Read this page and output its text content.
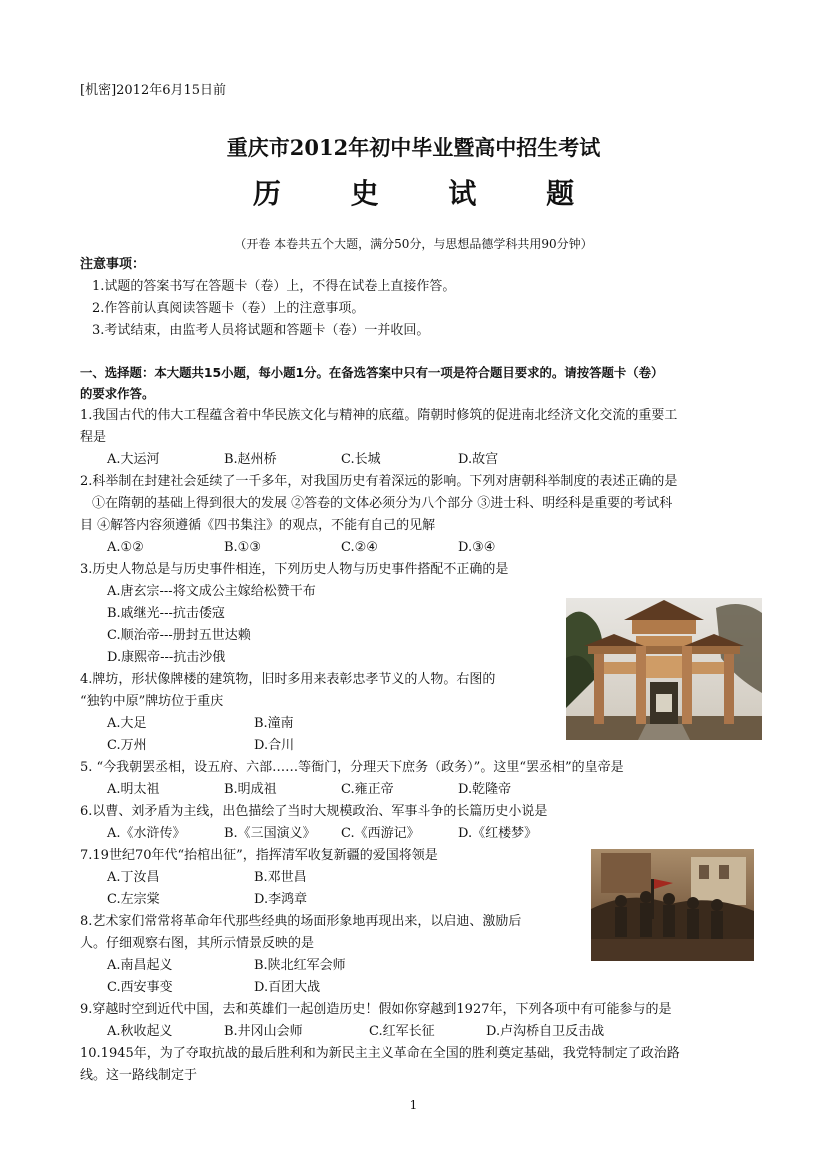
[机密]2012年6月15日前
重庆市2012年初中毕业暨高中招生考试
历 史 试 题
（开卷 本卷共五个大题，满分50分，与思想品德学科共用90分钟）
注意事项：
1.试题的答案书写在答题卡（卷）上，不得在试卷上直接作答。
2.作答前认真阅读答题卡（卷）上的注意事项。
3.考试结束，由监考人员将试题和答题卡（卷）一并收回。
一、选择题：本大题共15小题，每小题1分。在备选答案中只有一项是符合题目要求的。请按答题卡（卷）
的要求作答。
1.我国古代的伟大工程蕴含着中华民族文化与精神的底蕴。隋朝时修筑的促进南北经济文化交流的重要工
程是
A.大运河	B.赵州桥	C.长城	D.故宫
2.科举制在封建社会延续了一千多年，对我国历史有着深远的影响。下列对唐朝科举制度的表述正确的是
①在隋朝的基础上得到很大的发展 ②答卷的文体必须分为八个部分 ③进士科、明经科是重要的考试科
目 ④解答内容须遵循《四书集注》的观点，不能有自己的见解
A.①②	B.①③	C.②④	D.③④
3.历史人物总是与历史事件相连，下列历史人物与历史事件搭配不正确的是
A.唐玄宗---将文成公主嫁给松赞干布
B.戚继光---抗击倭寇
C.顺治帝---册封五世达赖
D.康熙帝---抗击沙俄
4.牌坊，形状像牌楼的建筑物，旧时多用来表彰忠孝节义的人物。右图的
“独钓中原”牌坊位于重庆
A.大足	B.潼南
C.万州	D.合川
5. “今我朝罢丞相，设五府、六部……等衙门，分理天下庶务（政务）”。这里“罢丞相”的皇帝是
A.明太祖	B.明成祖	C.雍正帝	D.乾隆帝
6.以曹、刘矛盾为主线，出色描绘了当时大规模政治、军事斗争的长篇历史小说是
A.《水浒传》	B.《三国演义》 C.《西游记》	D.《红楼梦》
7.19世纪70年代“抬棺出征”，指挥清军收复新疆的爱国将领是
A.丁汝昌	B.邓世昌
C.左宗棠	D.李鸿章
8.艺术家们常常将革命年代那些经典的场面形象地再现出来，以启迪、激励后
人。仔细观察右图，其所示情景反映的是
A.南昌起义	B.陕北红军会师
C.西安事变	D.百团大战
9.穿越时空到近代中国，去和英雄们一起创造历史！假如你穿越到1927年，下列各项中有可能参与的是
A.秋收起义	B.井冈山会师	C.红军长征	D.卢沟桥自卫反击战
10.1945年，为了夺取抗战的最后胜利和为新民主主义革命在全国的胜利奠定基础，我党特制定了政治路
线。这一路线制定于
1
